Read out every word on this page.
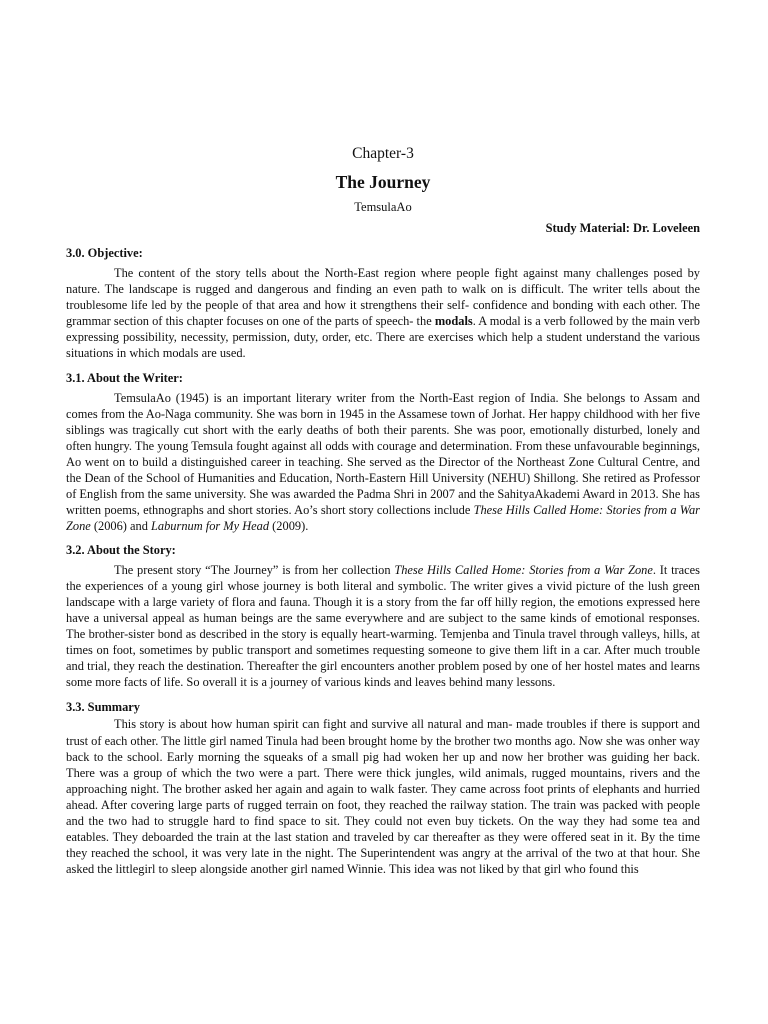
Chapter-3
The Journey
TemsulaAo
Study Material: Dr. Loveleen
3.0. Objective:

The content of the story tells about the North-East region where people fight against many challenges posed by nature. The landscape is rugged and dangerous and finding an even path to walk on is difficult. The writer tells about the troublesome life led by the people of that area and how it strengthens their self- confidence and bonding with each other. The grammar section of this chapter focuses on one of the parts of speech- the modals. A modal is a verb followed by the main verb expressing possibility, necessity, permission, duty, order, etc. There are exercises which help a student understand the various situations in which modals are used.

3.1. About the Writer:

TemsulaAo (1945) is an important literary writer from the North-East region of India. She belongs to Assam and comes from the Ao-Naga community. She was born in 1945 in the Assamese town of Jorhat. Her happy childhood with her five siblings was tragically cut short with the early deaths of both their parents. She was poor, emotionally disturbed, lonely and often hungry. The young Temsula fought against all odds with courage and determination. From these unfavourable beginnings, Ao went on to build a distinguished career in teaching. She served as the Director of the Northeast Zone Cultural Centre, and the Dean of the School of Humanities and Education, North-Eastern Hill University (NEHU) Shillong. She retired as Professor of English from the same university. She was awarded the Padma Shri in 2007 and the SahityaAkademi Award in 2013. She has written poems, ethnographs and short stories. Ao’s short story collections include These Hills Called Home: Stories from a War Zone (2006) and Laburnum for My Head (2009).

3.2. About the Story:

The present story “The Journey” is from her collection These Hills Called Home: Stories from a War Zone. It traces the experiences of a young girl whose journey is both literal and symbolic. The writer gives a vivid picture of the lush green landscape with a large variety of flora and fauna. Though it is a story from the far off hilly region, the emotions expressed here have a universal appeal as human beings are the same everywhere and are subject to the same kinds of emotional responses. The brother-sister bond as described in the story is equally heart-warming. Temjenba and Tinula travel through valleys, hills, at times on foot, sometimes by public transport and sometimes requesting someone to give them lift in a car. After much trouble and trial, they reach the destination. Thereafter the girl encounters another problem posed by one of her hostel mates and learns some more facts of life. So overall it is a journey of various kinds and leaves behind many lessons.

3.3. Summary

This story is about how human spirit can fight and survive all natural and man- made troubles if there is support and trust of each other. The little girl named Tinula had been brought home by the brother two months ago. Now she was onher way back to the school. Early morning the squeaks of a small pig had woken her up and now her brother was guiding her back. There was a group of which the two were a part. There were thick jungles, wild animals, rugged mountains, rivers and the approaching night. The brother asked her again and again to walk faster. They came across foot prints of elephants and hurried ahead. After covering large parts of rugged terrain on foot, they reached the railway station. The train was packed with people and the two had to struggle hard to find space to sit. They could not even buy tickets. On the way they had some tea and eatables. They deboarded the train at the last station and traveled by car thereafter as they were offered seat in it. By the time they reached the school, it was very late in the night. The Superintendent was angry at the arrival of the two at that hour. She asked the littlegirl to sleep alongside another girl named Winnie. This idea was not liked by that girl who found this
